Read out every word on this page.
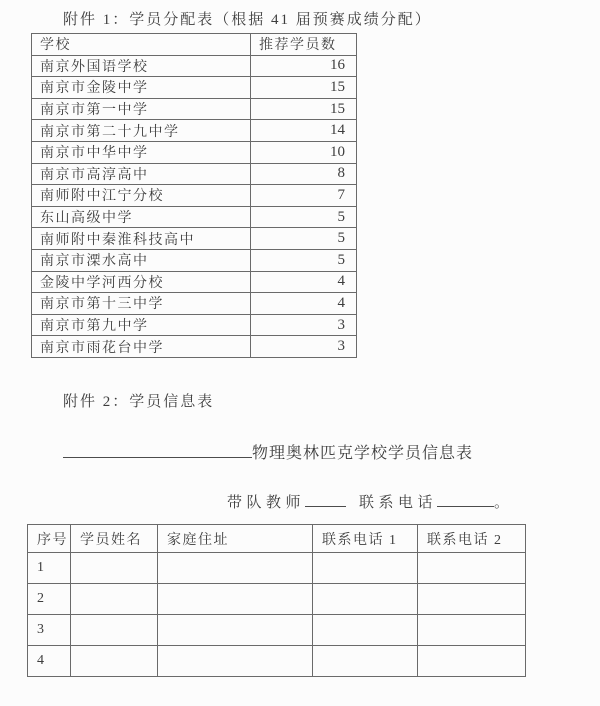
附件 1：学员分配表（根据 41 届预赛成绩分配）
学校	推荐学员数
南京外国语学校	16
南京市金陵中学	15
南京市第一中学	15
南京市第二十九中学	14
南京市中华中学	10
南京市高淳高中	8
南师附中江宁分校	7
东山高级中学	5
南师附中秦淮科技高中	5
南京市溧水高中	5
金陵中学河西分校	4
南京市第十三中学	4
南京市第九中学	3
南京市雨花台中学	3
附件 2：学员信息表
物理奥林匹克学校学员信息表
带队教师	联系电话	。
序号	学员姓名	家庭住址	联系电话 1	联系电话 2
1				
2				
3				
4				
